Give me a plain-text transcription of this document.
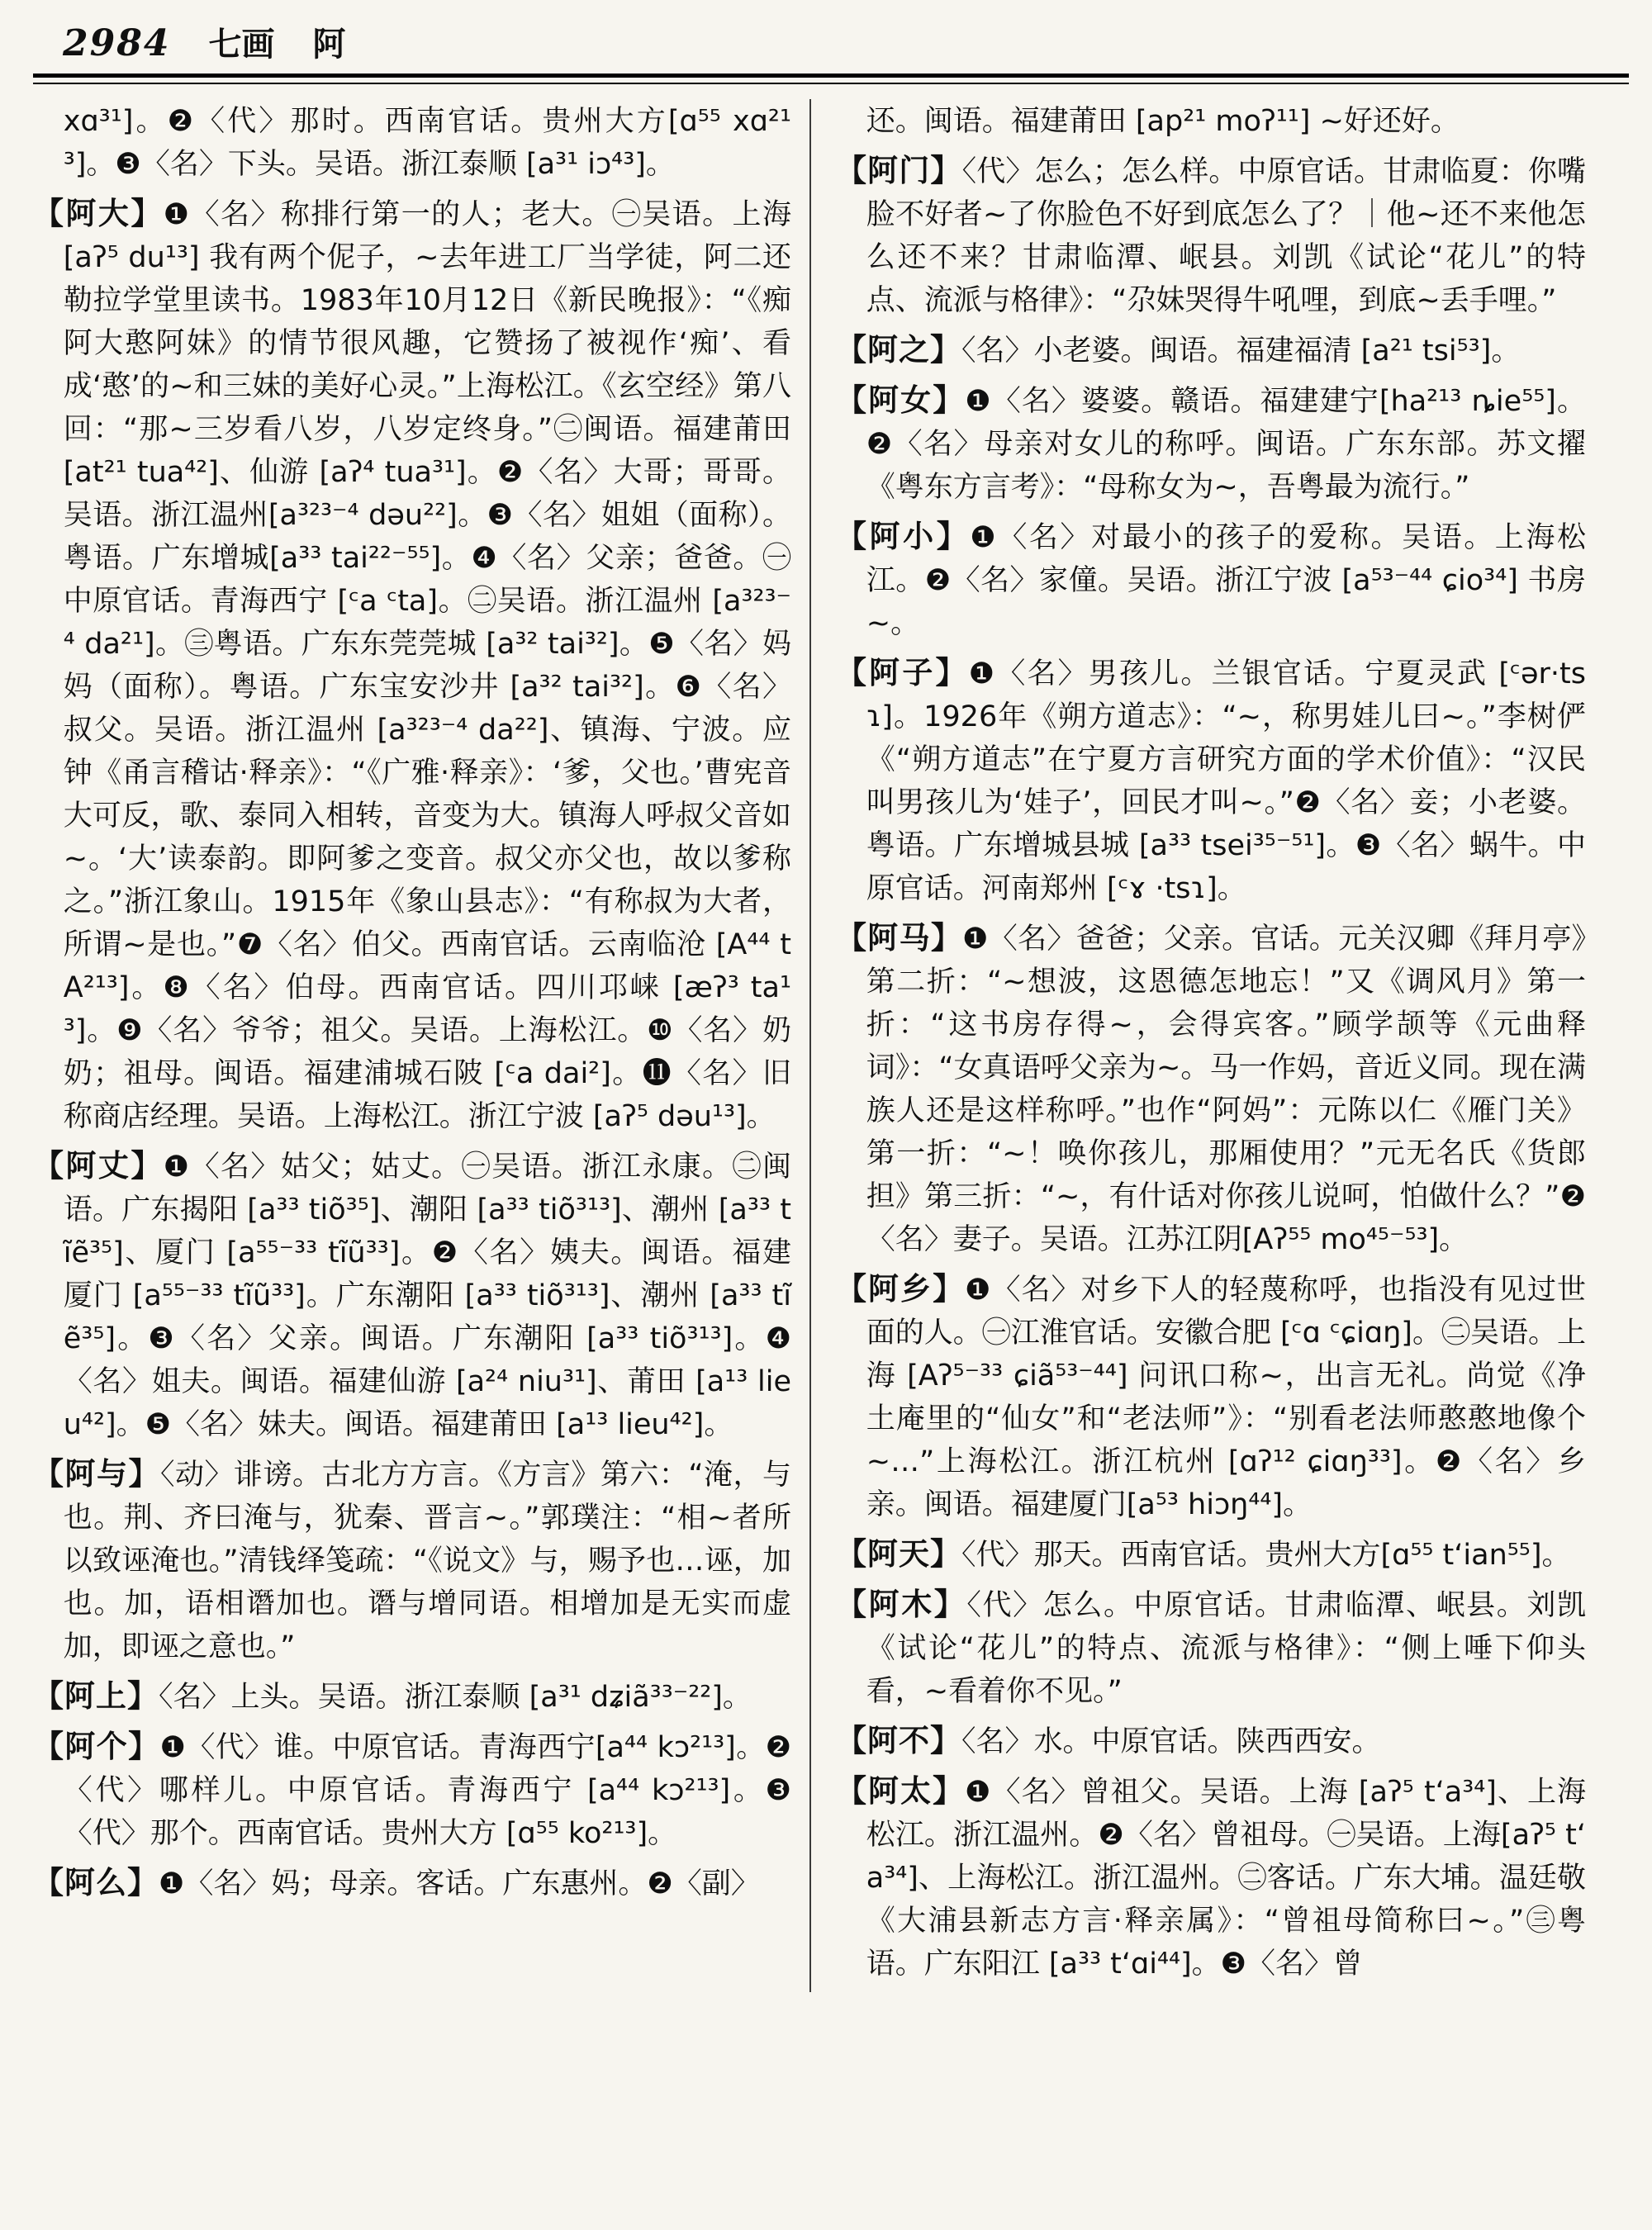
2984 七画 阿

xɑ³¹]。❷〈代〉那时。西南官话。贵州大方[ɑ⁵⁵ xɑ²¹³]。❸〈名〉下头。吴语。浙江泰顺 [a³¹ iɔ⁴³]。

【阿大】❶〈名〉称排行第一的人；老大。㊀吴语。上海 [aʔ⁵ du¹³] 我有两个伲子，~去年进工厂当学徒，阿二还勒拉学堂里读书。1983年10月12日《新民晚报》：“《痴阿大憨阿妹》的情节很风趣，它赞扬了被视作‘痴’、看成‘憨’的~和三妹的美好心灵。”上海松江。《玄空经》第八回：“那~三岁看八岁，八岁定终身。”㊁闽语。福建莆田 [at²¹ tua⁴²]、仙游 [aʔ⁴ tua³¹]。❷〈名〉大哥；哥哥。吴语。浙江温州[a³²³⁻⁴ dəu²²]。❸〈名〉姐姐（面称）。粤语。广东增城[a³³ tai²²⁻⁵⁵]。❹〈名〉父亲；爸爸。㊀中原官话。青海西宁 [ᶜa ᶜta]。㊁吴语。浙江温州 [a³²³⁻⁴ da²¹]。㊂粤语。广东东莞莞城 [a³² tai³²]。❺〈名〉妈妈（面称）。粤语。广东宝安沙井 [a³² tai³²]。❻〈名〉叔父。吴语。浙江温州 [a³²³⁻⁴ da²²]、镇海、宁波。应钟《甬言稽诂·释亲》：“《广雅·释亲》：‘爹，父也。’曹宪音大可反，歌、泰同入相转，音变为大。镇海人呼叔父音如~。‘大’读泰韵。即阿爹之变音。叔父亦父也，故以爹称之。”浙江象山。1915年《象山县志》：“有称叔为大者，所谓~是也。”❼〈名〉伯父。西南官话。云南临沧 [A⁴⁴ tA²¹³]。❽〈名〉伯母。西南官话。四川邛崃 [æʔ³ ta¹³]。❾〈名〉爷爷；祖父。吴语。上海松江。❿〈名〉奶奶；祖母。闽语。福建浦城石陂 [ᶜa dai²]。⓫〈名〉旧称商店经理。吴语。上海松江。浙江宁波 [aʔ⁵ dəu¹³]。

【阿丈】❶〈名〉姑父；姑丈。㊀吴语。浙江永康。㊁闽语。广东揭阳 [a³³ tiõ³⁵]、潮阳 [a³³ tiõ³¹³]、潮州 [a³³ tĩẽ³⁵]、厦门 [a⁵⁵⁻³³ tĩũ³³]。❷〈名〉姨夫。闽语。福建厦门 [a⁵⁵⁻³³ tĩũ³³]。广东潮阳 [a³³ tiõ³¹³]、潮州 [a³³ tĩẽ³⁵]。❸〈名〉父亲。闽语。广东潮阳 [a³³ tiõ³¹³]。❹〈名〉姐夫。闽语。福建仙游 [a²⁴ niu³¹]、莆田 [a¹³ lieu⁴²]。❺〈名〉妹夫。闽语。福建莆田 [a¹³ lieu⁴²]。

【阿与】〈动〉诽谤。古北方方言。《方言》第六：“淹，与也。荆、齐曰淹与，犹秦、晋言~。”郭璞注：“相~者所以致诬淹也。”清钱绎笺疏：“《说文》与，赐予也…诬，加也。加，语相谮加也。谮与增同语。相增加是无实而虚加，即诬之意也。”

【阿上】〈名〉上头。吴语。浙江泰顺 [a³¹ dʑiã³³⁻²²]。

【阿个】❶〈代〉谁。中原官话。青海西宁[a⁴⁴ kɔ²¹³]。❷〈代〉哪样儿。中原官话。青海西宁 [a⁴⁴ kɔ²¹³]。❸〈代〉那个。西南官话。贵州大方 [ɑ⁵⁵ ko²¹³]。

【阿么】❶〈名〉妈；母亲。客话。广东惠州。❷〈副〉

还。闽语。福建莆田 [ap²¹ moʔ¹¹] ~好还好。

【阿门】〈代〉怎么；怎么样。中原官话。甘肃临夏：你嘴脸不好者~了你脸色不好到底怎么了？｜他~还不来他怎么还不来？甘肃临潭、岷县。刘凯《试论“花儿”的特点、流派与格律》：“尕妹哭得牛吼哩，到底~丢手哩。”

【阿之】〈名〉小老婆。闽语。福建福清 [a²¹ tsi⁵³]。

【阿女】❶〈名〉婆婆。赣语。福建建宁[ha²¹³ ȵie⁵⁵]。❷〈名〉母亲对女儿的称呼。闽语。广东东部。苏文擢《粤东方言考》：“母称女为~，吾粤最为流行。”

【阿小】❶〈名〉对最小的孩子的爱称。吴语。上海松江。❷〈名〉家僮。吴语。浙江宁波 [a⁵³⁻⁴⁴ ɕio³⁴] 书房~。

【阿子】❶〈名〉男孩儿。兰银官话。宁夏灵武 [ᶜər·tsɿ]。1926年《朔方道志》：“~，称男娃儿曰~。”李树俨《“朔方道志”在宁夏方言研究方面的学术价值》：“汉民叫男孩儿为‘娃子’，回民才叫~。”❷〈名〉妾；小老婆。粤语。广东增城县城 [a³³ tsei³⁵⁻⁵¹]。❸〈名〉蜗牛。中原官话。河南郑州 [ᶜɤ ·tsɿ]。

【阿马】❶〈名〉爸爸；父亲。官话。元关汉卿《拜月亭》第二折：“~想波，这恩德怎地忘！”又《调风月》第一折：“这书房存得~，会得宾客。”顾学颉等《元曲释词》：“女真语呼父亲为~。马一作妈，音近义同。现在满族人还是这样称呼。”也作“阿妈”：元陈以仁《雁门关》第一折：“~！唤你孩儿，那厢使用？”元无名氏《货郎担》第三折：“~，有什话对你孩儿说呵，怕做什么？”❷〈名〉妻子。吴语。江苏江阴[Aʔ⁵⁵ mo⁴⁵⁻⁵³]。

【阿乡】❶〈名〉对乡下人的轻蔑称呼，也指没有见过世面的人。㊀江淮官话。安徽合肥 [ᶜɑ ᶜɕiɑŋ]。㊁吴语。上海 [Aʔ⁵⁻³³ ɕiã⁵³⁻⁴⁴] 问讯口称~，出言无礼。尚觉《净土庵里的“仙女”和“老法师”》：“别看老法师憨憨地像个~…”上海松江。浙江杭州 [ɑʔ¹² ɕiɑŋ³³]。❷〈名〉乡亲。闽语。福建厦门[a⁵³ hiɔŋ⁴⁴]。

【阿天】〈代〉那天。西南官话。贵州大方[ɑ⁵⁵ tʻian⁵⁵]。

【阿木】〈代〉怎么。中原官话。甘肃临潭、岷县。刘凯《试论“花儿”的特点、流派与格律》：“侧上唾下仰头看，~看着你不见。”

【阿不】〈名〉水。中原官话。陕西西安。

【阿太】❶〈名〉曾祖父。吴语。上海 [aʔ⁵ tʻa³⁴]、上海松江。浙江温州。❷〈名〉曾祖母。㊀吴语。上海[aʔ⁵ tʻa³⁴]、上海松江。浙江温州。㊁客话。广东大埔。温廷敬《大浦县新志方言·释亲属》：“曾祖母简称曰~。”㊂粤语。广东阳江 [a³³ tʻɑi⁴⁴]。❸〈名〉曾
